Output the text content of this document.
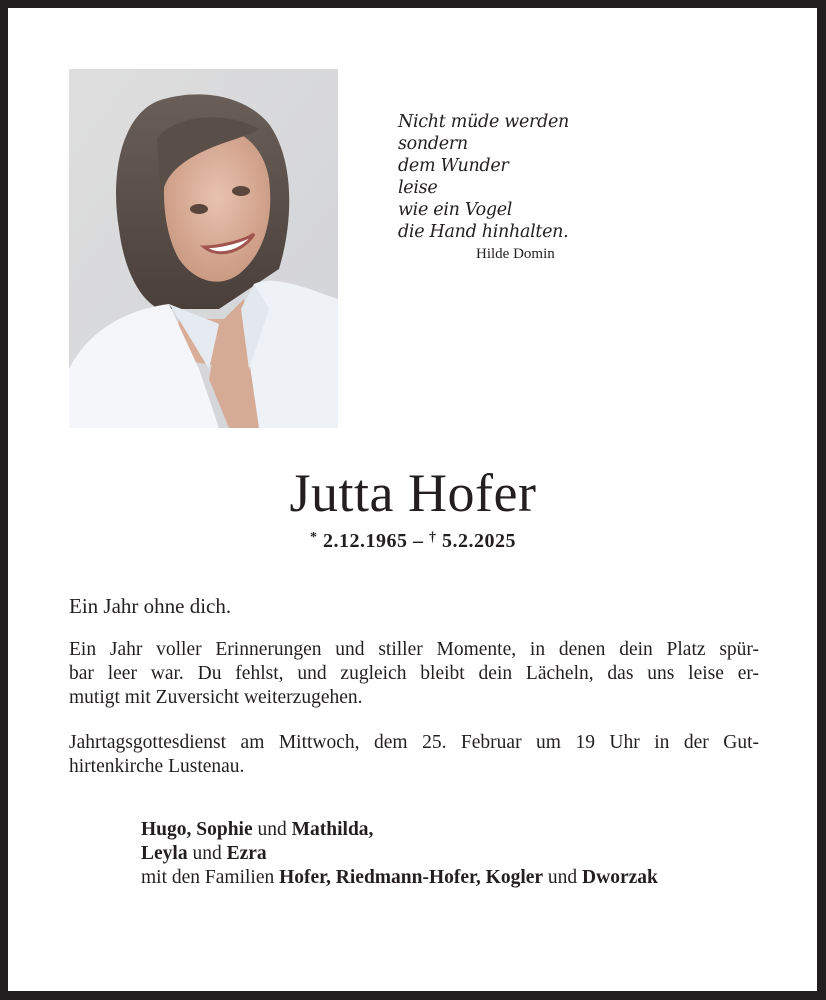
Nicht müde werden
sondern
dem Wunder
leise
wie ein Vogel
die Hand hinhalten.
Hilde Domin
Jutta Hofer
* 2.12.1965 – † 5.2.2025
Ein Jahr ohne dich.
Ein Jahr voller Erinnerungen und stiller Momente, in denen dein Platz spür-
bar leer war. Du fehlst, und zugleich bleibt dein Lächeln, das uns leise er-
mutigt mit Zuversicht weiterzugehen.
Jahrtagsgottesdienst am Mittwoch, dem 25. Februar um 19 Uhr in der Gut-
hirtenkirche Lustenau.
Hugo, Sophie und Mathilda,
Leyla und Ezra
mit den Familien Hofer, Riedmann-Hofer, Kogler und Dworzak
